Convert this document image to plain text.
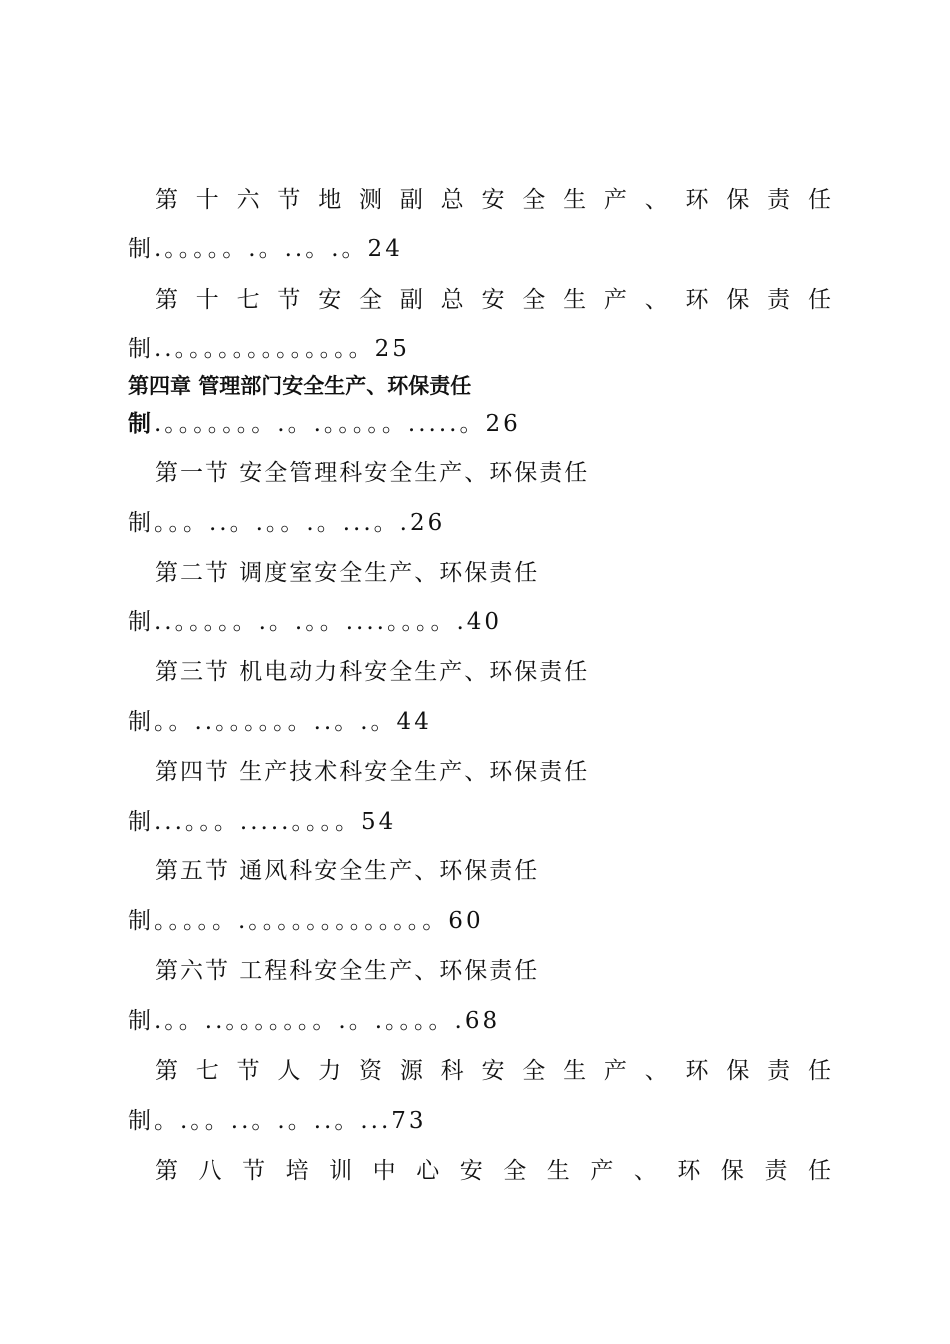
第 十 六 节 地 测 副 总 安 全 生 产 、 环 保 责 任
制.。。。。。.。..。.。24
第 十 七 节 安 全 副 总 安 全 生 产 、 环 保 责 任
制..。。。。。。。。。。。。。25
第四章 管理部门安全生产、环保责任
制.。。。。。。。.。.。。。。。.....。26
第一节 安全管理科安全生产、环保责任
制。。。..。.。。.。...。.26
第二节 调度室安全生产、环保责任
制..。。。。。.。.。。....。。。。.40
第三节 机电动力科安全生产、环保责任
制。。..。。。。。。..。.。44
第四节 生产技术科安全生产、环保责任
制...。。。.....。。。。54
第五节 通风科安全生产、环保责任
制。。。。。.。。。。。。。。。。。。。60
第六节 工程科安全生产、环保责任
制.。。..。。。。。。。.。.。。。。.68
第 七 节 人 力 资 源 科 安 全 生 产 、 环 保 责 任
制。.。。..。.。..。...73
第 八 节 培 训 中 心 安 全 生 产 、 环 保 责 任
